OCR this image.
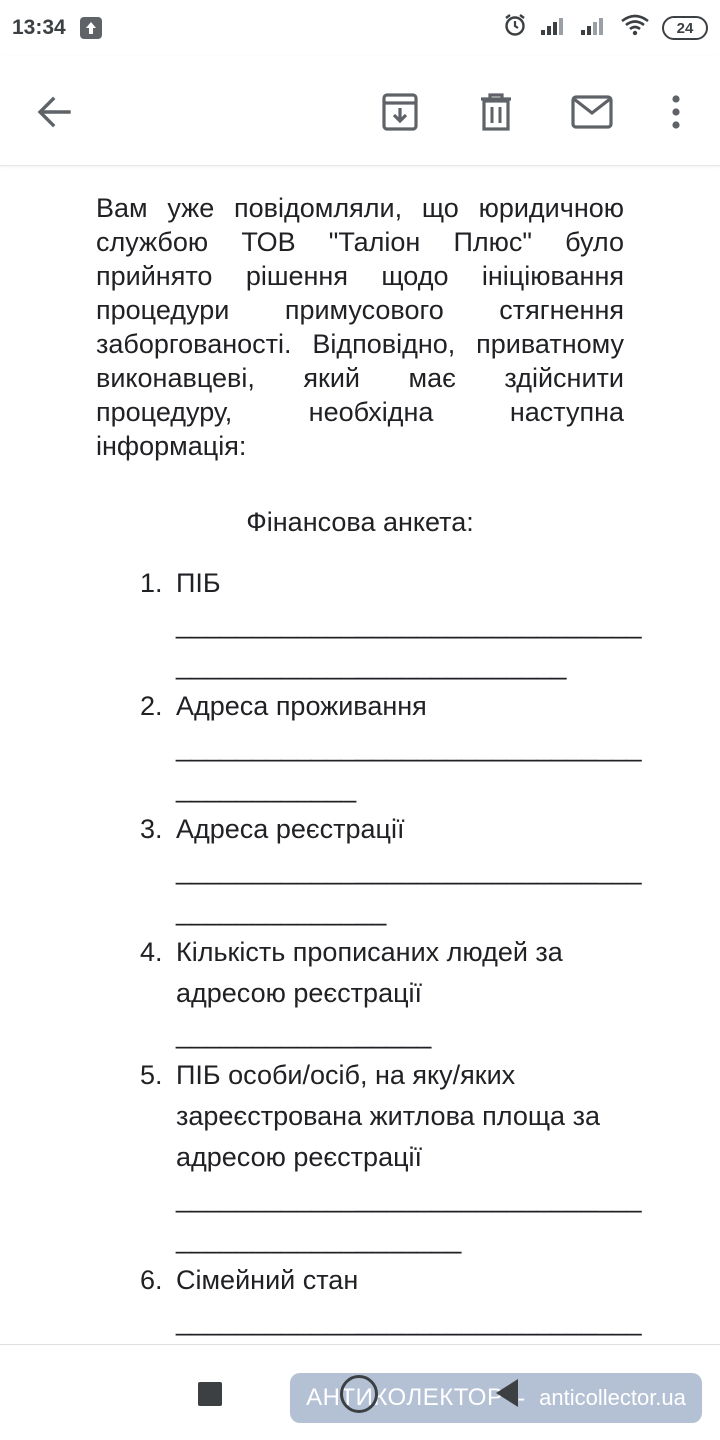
13:34	24

Вам уже повідомляли, що юридичною службою ТОВ "Таліон Плюс" було прийнято рішення щодо ініціювання процедури примусового стягнення заборгованості. Відповідно, приватному виконавцеві, який має здійснити процедуру, необхідна наступна інформація:

Фінансова анкета:
1. ПІБ
_______________________________
__________________________
2. Адреса проживання
_______________________________
____________
3. Адреса реєстрації
_______________________________
______________
4. Кількість прописаних людей за адресою реєстрації
_________________
5. ПІБ особи/осіб, на яку/яких зареєстрована житлова площа за адресою реєстрації
_______________________________
___________________
6. Сімейний стан
_______________________________
АНТИКОЛЕКТОР - anticollector.ua
